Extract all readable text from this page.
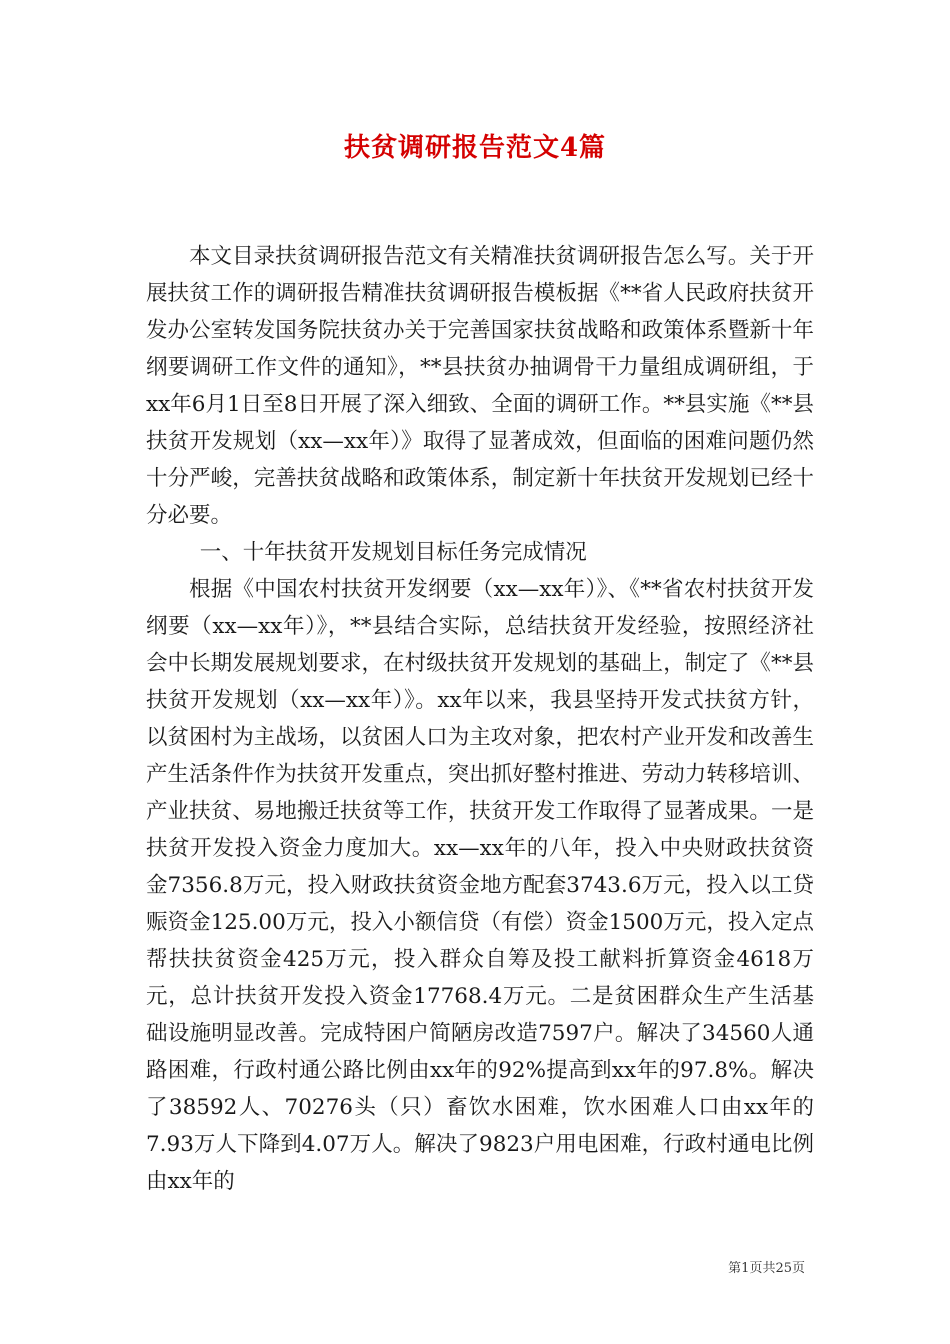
扶贫调研报告范文4篇

本文目录扶贫调研报告范文有关精准扶贫调研报告怎么写。关于开展扶贫工作的调研报告精准扶贫调研报告模板据《**省人民政府扶贫开发办公室转发国务院扶贫办关于完善国家扶贫战略和政策体系暨新十年纲要调研工作文件的通知》，**县扶贫办抽调骨干力量组成调研组，于xx年6月1日至8日开展了深入细致、全面的调研工作。**县实施《**县扶贫开发规划（xx—xx年）》取得了显著成效，但面临的困难问题仍然十分严峻，完善扶贫战略和政策体系，制定新十年扶贫开发规划已经十分必要。

一、十年扶贫开发规划目标任务完成情况

根据《中国农村扶贫开发纲要（xx—xx年）》、《**省农村扶贫开发纲要（xx—xx年）》，**县结合实际，总结扶贫开发经验，按照经济社会中长期发展规划要求，在村级扶贫开发规划的基础上，制定了《**县扶贫开发规划（xx—xx年）》。xx年以来，我县坚持开发式扶贫方针，以贫困村为主战场，以贫困人口为主攻对象，把农村产业开发和改善生产生活条件作为扶贫开发重点，突出抓好整村推进、劳动力转移培训、产业扶贫、易地搬迁扶贫等工作，扶贫开发工作取得了显著成果。一是扶贫开发投入资金力度加大。xx—xx年的八年，投入中央财政扶贫资金7356.8万元，投入财政扶贫资金地方配套3743.6万元，投入以工贷赈资金125.00万元，投入小额信贷（有偿）资金1500万元，投入定点帮扶扶贫资金425万元，投入群众自筹及投工献料折算资金4618万元，总计扶贫开发投入资金17768.4万元。二是贫困群众生产生活基础设施明显改善。完成特困户简陋房改造7597户。解决了34560人通路困难，行政村通公路比例由xx年的92%提高到xx年的97.8%。解决了38592人、70276头（只）畜饮水困难，饮水困难人口由xx年的7.93万人下降到4.07万人。解决了9823户用电困难，行政村通电比例由xx年的

第1页共25页
